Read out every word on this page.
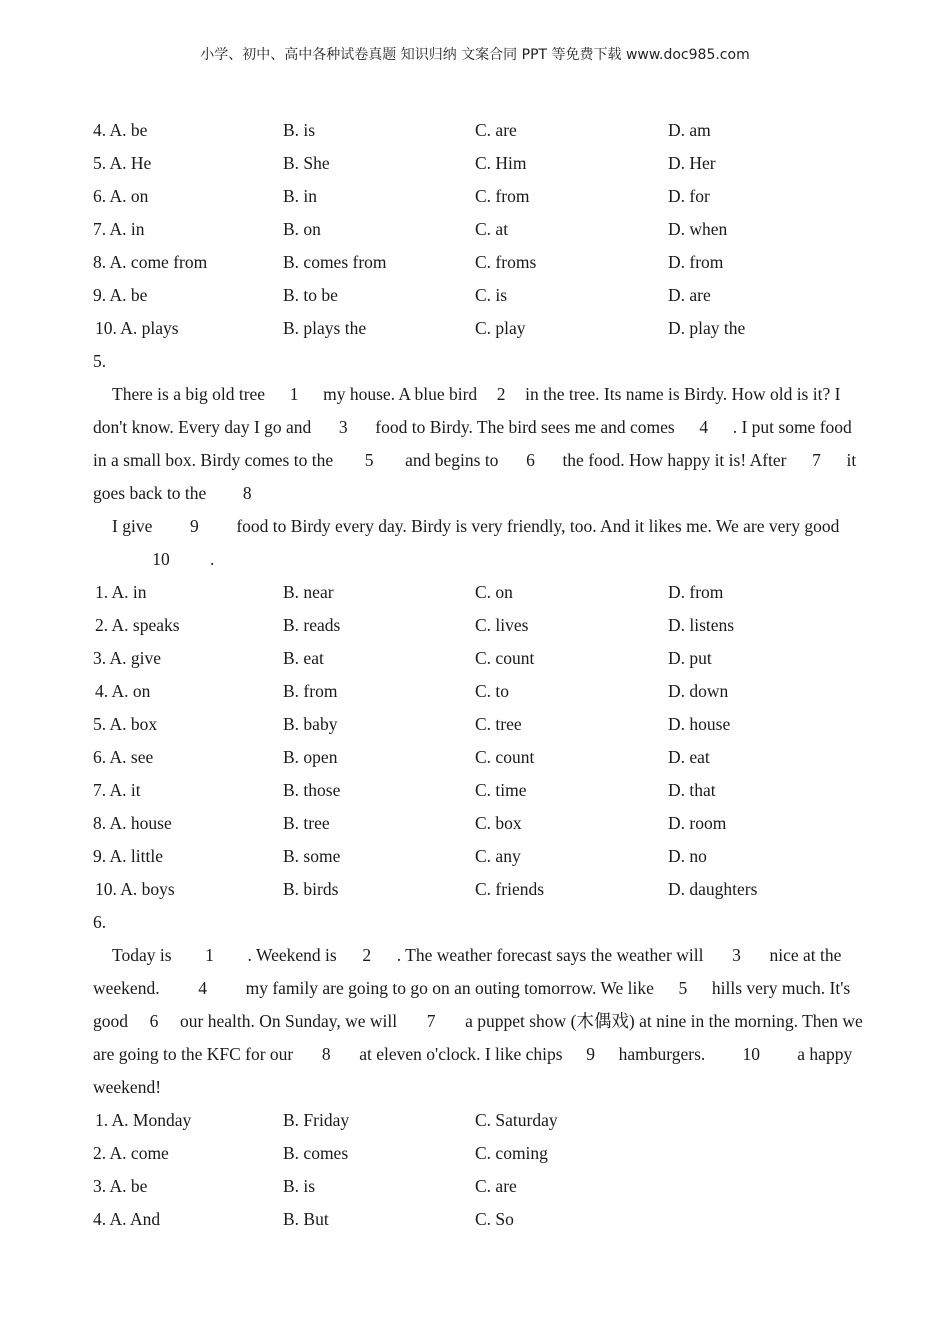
小学、初中、高中各种试卷真题 知识归纳 文案合同 PPT 等免费下载 www.doc985.com
4. A. be	B. is	C. are	D. am
5. A. He	B. She	C. Him	D. Her
6. A. on	B. in	C. from	D. for
7. A. in	B. on	C. at	D. when
8. A. come from	B. comes from	C. froms	D. from
9. A. be	B. to be	C. is	D. are
10. A. plays	B. plays the	C. play	D. play the
5.
There is a big old tree 1 my house. A blue bird 2 in the tree. Its name is Birdy. How old is it? I don't know. Every day I go and 3 food to Birdy. The bird sees me and comes 4 . I put some food in a small box. Birdy comes to the 5 and begins to 6 the food. How happy it is! After 7 it goes back to the 8
I give 9 food to Birdy every day. Birdy is very friendly, too. And it likes me. We are very good10 .
1. A. in	B. near	C. on	D. from
2. A. speaks	B. reads	C. lives	D. listens
3. A. give	B. eat	C. count	D. put
4. A. on	B. from	C. to	D. down
5. A. box	B. baby	C. tree	D. house
6. A. see	B. open	C. count	D. eat
7. A. it	B. those	C. time	D. that
8. A. house	B. tree	C. box	D. room
9. A. little	B. some	C. any	D. no
10. A. boys	B. birds	C. friends	D. daughters
6.
Today is 1 . Weekend is 2 . The weather forecast says the weather will 3 nice at the weekend. 4 my family are going to go on an outing tomorrow. We like 5 hills very much. It's good 6 our health. On Sunday, we will 7 a puppet show (木偶戏) at nine in the morning. Then we are going to the KFC for our 8 at eleven o'clock. I like chips 9 hamburgers. 10 a happy weekend!
1. A. Monday	B. Friday	C. Saturday
2. A. come	B. comes	C. coming
3. A. be	B. is	C. are
4. A. And	B. But	C. So
